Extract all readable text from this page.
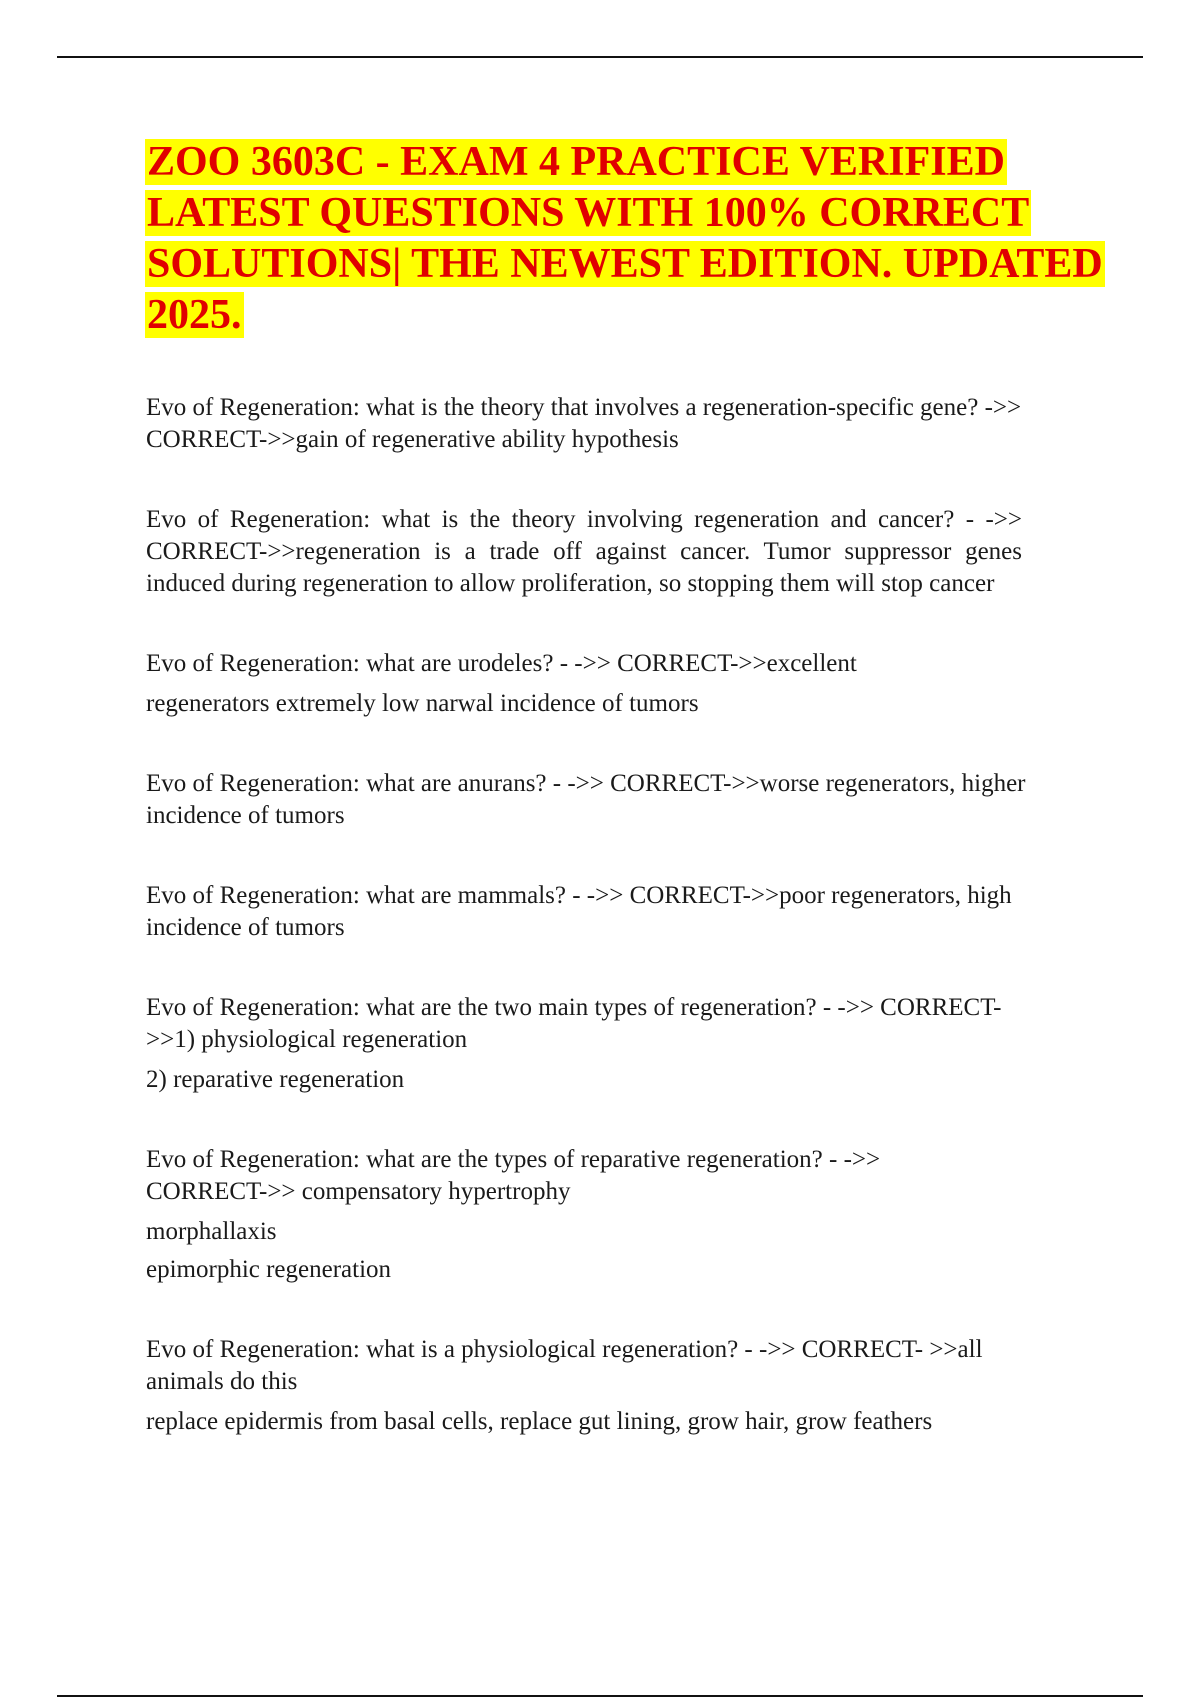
ZOO 3603C - EXAM 4 PRACTICE VERIFIED LATEST QUESTIONS WITH 100% CORRECT SOLUTIONS| THE NEWEST EDITION. UPDATED 2025.

Evo of Regeneration: what is the theory that involves a regeneration-specific gene? ->> CORRECT->>gain of regenerative ability hypothesis

Evo of Regeneration: what is the theory involving regeneration and cancer? - ->> CORRECT->>regeneration is a trade off against cancer. Tumor suppressor genes induced during regeneration to allow proliferation, so stopping them will stop cancer

Evo of Regeneration: what are urodeles? - ->> CORRECT->>excellent

regenerators extremely low narwal incidence of tumors

Evo of Regeneration: what are anurans? - ->> CORRECT->>worse regenerators, higher incidence of tumors

Evo of Regeneration: what are mammals? - ->> CORRECT->>poor regenerators, high incidence of tumors

Evo of Regeneration: what are the two main types of regeneration? - ->> CORRECT->>1) physiological regeneration

2) reparative regeneration

Evo of Regeneration: what are the types of reparative regeneration? - ->> CORRECT->> compensatory hypertrophy

morphallaxis

epimorphic regeneration

Evo of Regeneration: what is a physiological regeneration? - ->> CORRECT- >>all animals do this

replace epidermis from basal cells, replace gut lining, grow hair, grow feathers
